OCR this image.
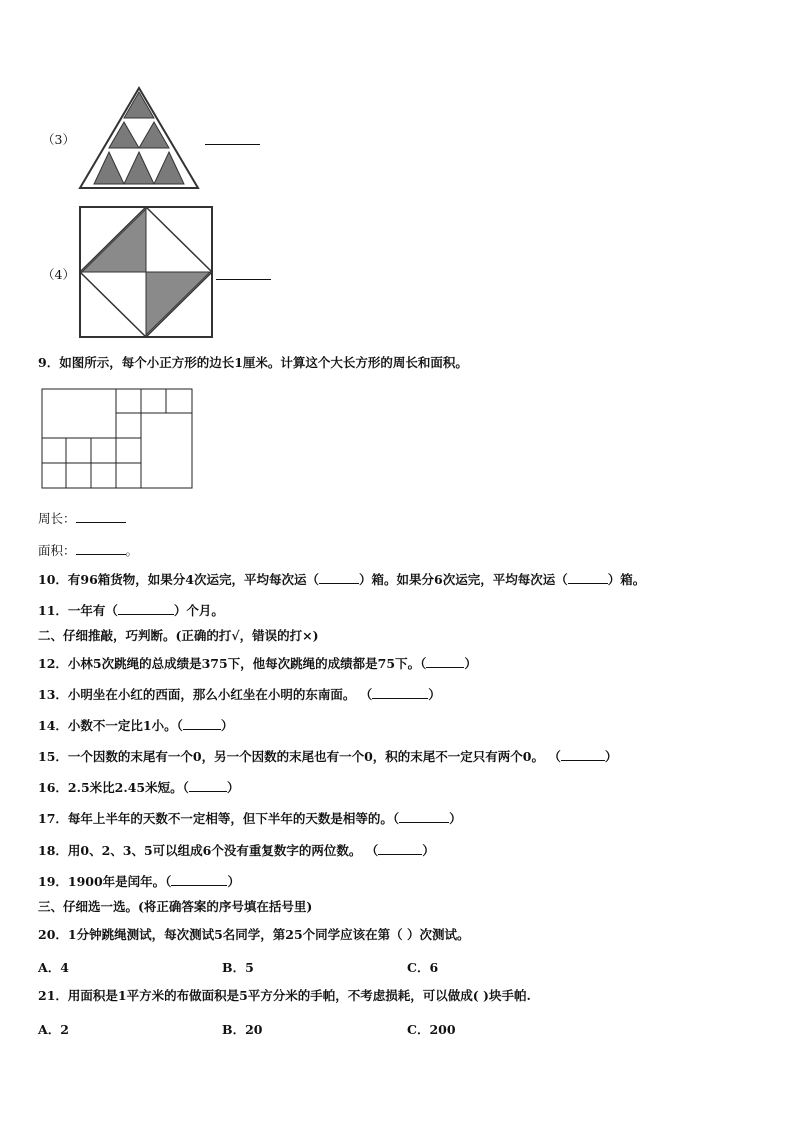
（3）
（4）
9．如图所示，每个小正方形的边长1厘米。计算这个大长方形的周长和面积。
周长：
面积：	。
10．有96箱货物，如果分4次运完，平均每次运（	）箱。如果分6次运完，平均每次运（	）箱。
11．一年有（	）个月。
二、仔细推敲，巧判断。(正确的打√，错误的打×)
12．小林5次跳绳的总成绩是375下，他每次跳绳的成绩都是75下。（	）
13．小明坐在小红的西面，那么小红坐在小明的东南面。 （	）
14．小数不一定比1小。（	）
15．一个因数的末尾有一个0，另一个因数的末尾也有一个0，积的末尾不一定只有两个0。 （	）
16．2.5米比2.45米短。（	）
17．每年上半年的天数不一定相等，但下半年的天数是相等的。（	）
18．用0、2、3、5可以组成6个没有重复数字的两位数。 （	）
19．1900年是闰年。（	）
三、仔细选一选。(将正确答案的序号填在括号里)
20．1分钟跳绳测试，每次测试5名同学，第25个同学应该在第（ ）次测试。
A．4	B．5	C．6
21．用面积是1平方米的布做面积是5平方分米的手帕，不考虑损耗，可以做成( )块手帕.
A．2	B．20	C．200
